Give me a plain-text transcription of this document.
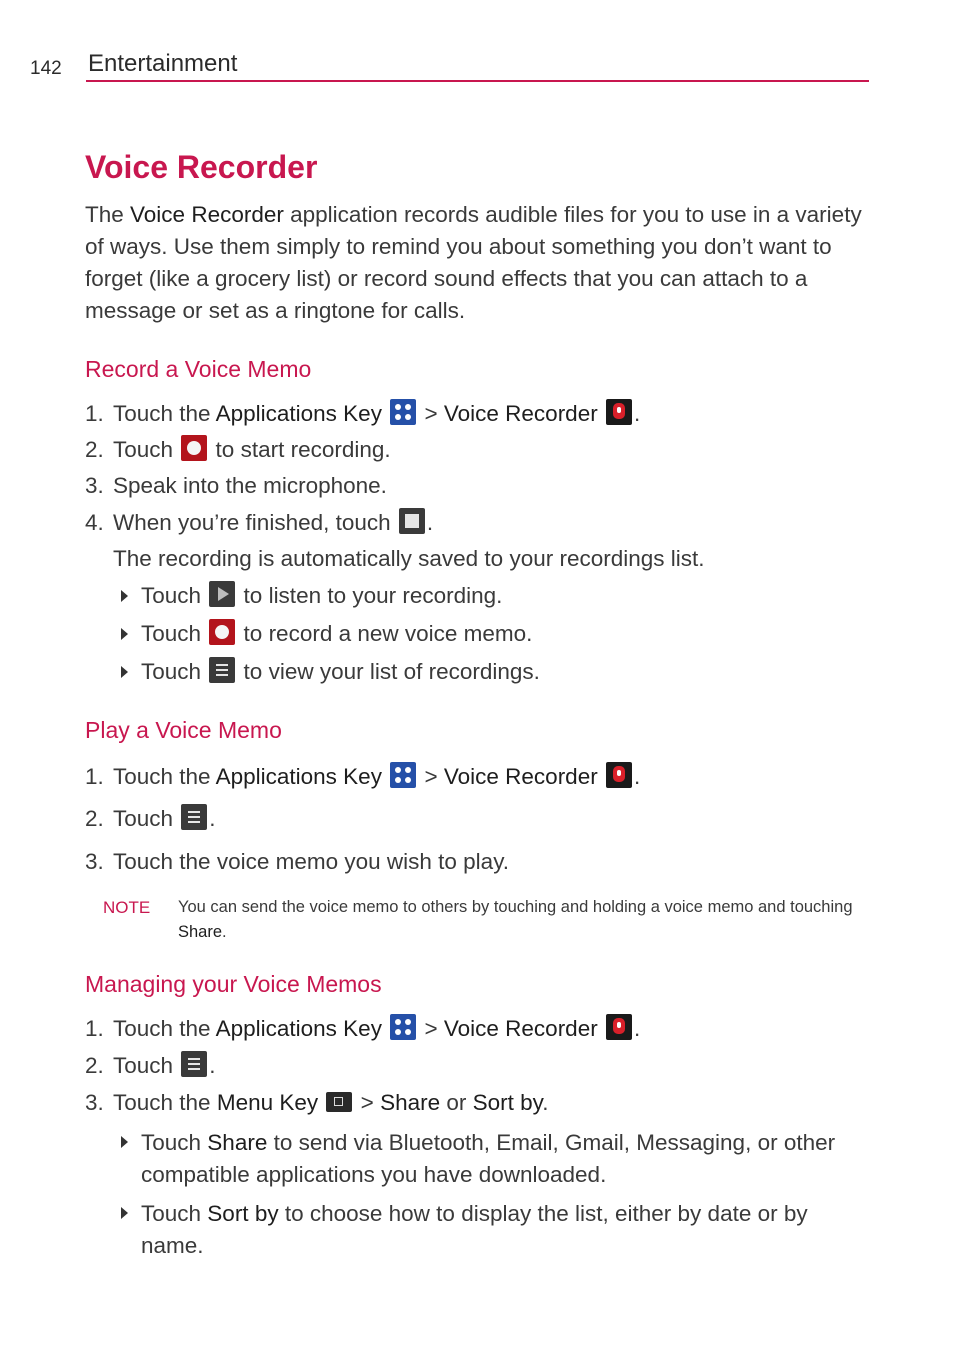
142 Entertainment
Voice Recorder

The Voice Recorder application records audible files for you to use in a variety of ways. Use them simply to remind you about something you don’t want to forget (like a grocery list) or record sound effects that you can attach to a message or set as a ringtone for calls.

Record a Voice Memo
1. Touch the Applications Key
> Voice Recorder .
2. Touch  to start recording.
3. Speak into the microphone.
4. When you’re finished, touch .
The recording is automatically saved to your recordings list.
Touch  to listen to your recording.
Touch  to record a new voice memo.
Touch
to view your list of recordings.
Play a Voice Memo
1. Touch the Applications Key
> Voice Recorder .
2. Touch
.
3. Touch the voice memo you wish to play.
NOTE You can send the voice memo to others by touching and holding a voice memo and touching Share.
Managing your Voice Memos
1. Touch the Applications Key
> Voice Recorder .
2. Touch
.
3. Touch the Menu Key  > Share or Sort by.
Touch Share to send via Bluetooth, Email, Gmail, Messaging, or other compatible applications you have downloaded.
Touch Sort by to choose how to display the list, either by date or by name.
